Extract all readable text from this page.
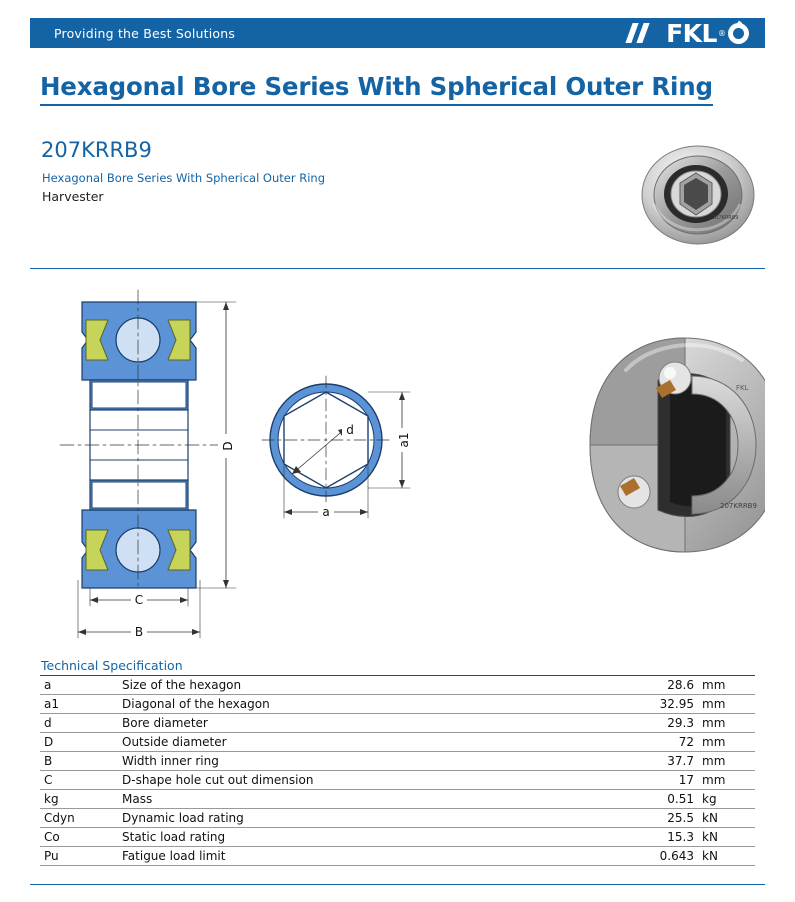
Providing the Best Solutions	FKL ®
Hexagonal Bore Series With Spherical Outer Ring
207KRRB9
Hexagonal Bore Series With Spherical Outer Ring
Harvester
207KRRB9
D
C
B
d
a
a1
207KRRB9
FKL
Technical Specification
a	Size of the hexagon	28.6	mm
a1	Diagonal of the hexagon	32.95	mm
d	Bore diameter	29.3	mm
D	Outside diameter	72	mm
B	Width inner ring	37.7	mm
C	D-shape hole cut out dimension	17	mm
kg	Mass	0.51	kg
Cdyn	Dynamic load rating	25.5	kN
Co	Static load rating	15.3	kN
Pu	Fatigue load limit	0.643	kN
